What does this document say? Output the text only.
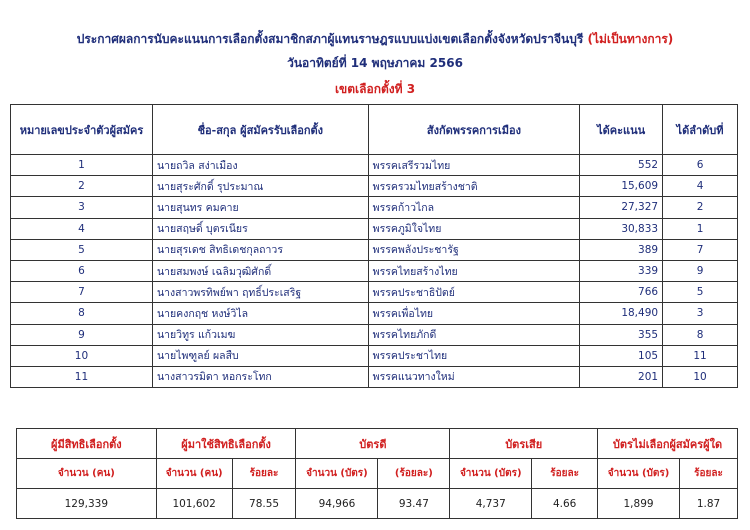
ประกาศผลการนับคะแนนการเลือกตั้งสมาชิกสภาผู้แทนราษฎรแบบแบ่งเขตเลือกตั้งจังหวัดปราจีนบุรี (ไม่เป็นทางการ)
วันอาทิตย์ที่ 14 พฤษภาคม 2566
เขตเลือกตั้งที่ 3
หมายเลขประจำตัวผู้สมัคร	ชื่อ-สกุล ผู้สมัครรับเลือกตั้ง	สังกัดพรรคการเมือง	ได้คะแนน	ได้ลำดับที่
1	นายถวิล สง่าเมือง	พรรคเสรีรวมไทย	552	6
2	นายสุระศักดิ์ รุประมาณ	พรรครวมไทยสร้างชาติ	15,609	4
3	นายสุนทร คมคาย	พรรคก้าวไกล	27,327	2
4	นายสฤษดิ์ บุตรเนียร	พรรคภูมิใจไทย	30,833	1
5	นายสุรเดช สิทธิเดชกุลถาวร	พรรคพลังประชารัฐ	389	7
6	นายสมพงษ์ เฉลิมวุฒิศักดิ์	พรรคไทยสร้างไทย	339	9
7	นางสาวพรทิพย์พา ฤทธิ์ประเสริฐ	พรรคประชาธิปัตย์	766	5
8	นายคงกฤช หงษ์วิไล	พรรคเพื่อไทย	18,490	3
9	นายวิทูร แก้วเมฆ	พรรคไทยภักดี	355	8
10	นายไพฑูลย์ ผลสืบ	พรรคประชาไทย	105	11
11	นางสาวรมิดา หอกระโทก	พรรคแนวทางใหม่	201	10
ผู้มีสิทธิเลือกตั้ง	ผู้มาใช้สิทธิเลือกตั้ง		บัตรดี		บัตรเสีย		บัตรไม่เลือกผู้สมัครผู้ใด	
จำนวน (คน)	จำนวน (คน)	ร้อยละ	จำนวน (บัตร)	(ร้อยละ)	จำนวน (บัตร)	ร้อยละ	จำนวน (บัตร)	ร้อยละ
129,339	101,602	78.55	94,966	93.47	4,737	4.66	1,899	1.87
